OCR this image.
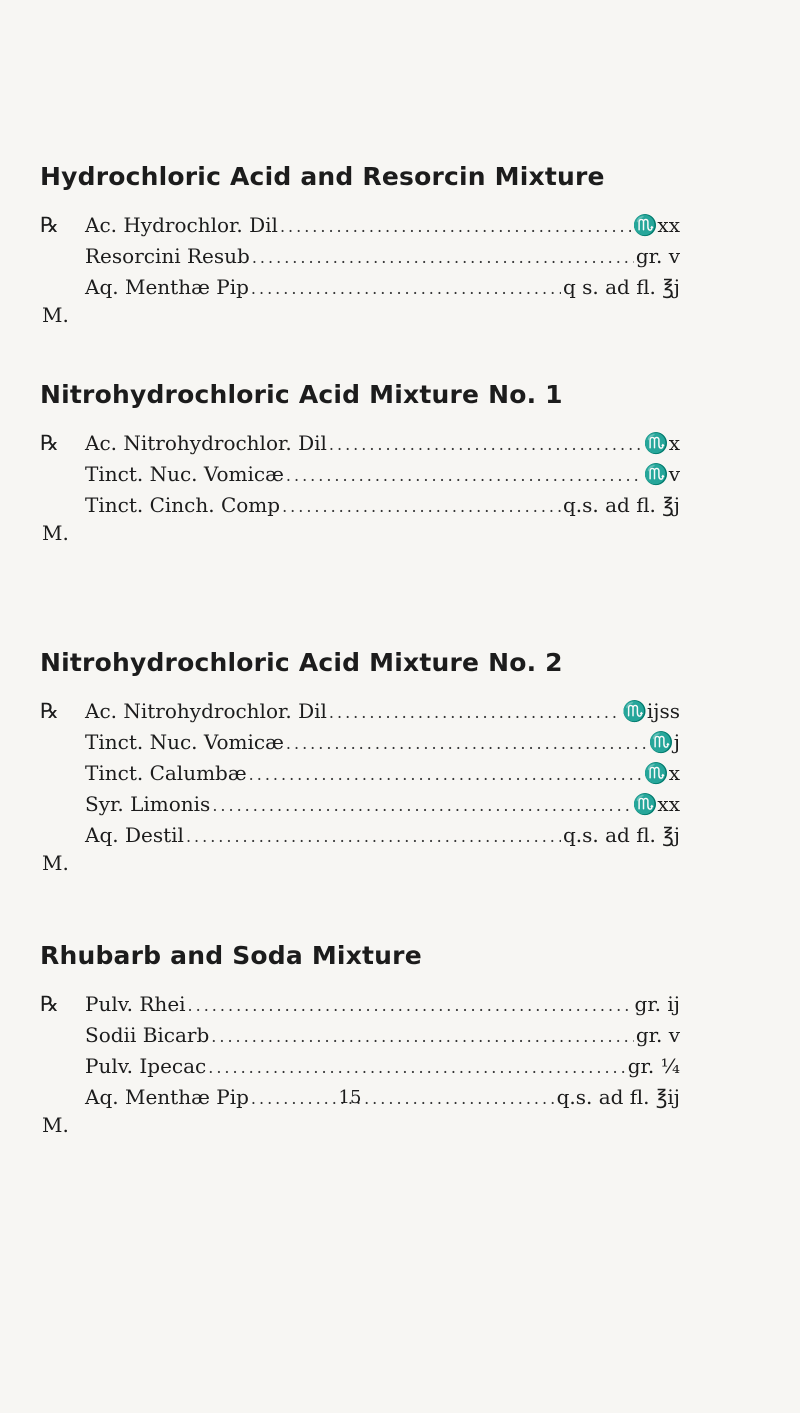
Hydrochloric Acid and Resorcin Mixture
℞ Ac. Hydrochlor. Dil .....	♏xx
Resorcini Resub .....	gr. v
Aq. Menthæ Pip .....	q s. ad fl. ℥j
M.
Nitrohydrochloric Acid Mixture No. 1
℞ Ac. Nitrohydrochlor. Dil .....	♏x
Tinct. Nuc. Vomicæ .....	♏v
Tinct. Cinch. Comp .....	q.s. ad fl. ℥j
M.
Nitrohydrochloric Acid Mixture No. 2
℞ Ac. Nitrohydrochlor. Dil .....	♏ijss
Tinct. Nuc. Vomicæ .....	♏j
Tinct. Calumbæ .....	♏x
Syr. Limonis .....	♏xx
Aq. Destil .....	q.s. ad fl. ℥j
M.
Rhubarb and Soda Mixture
℞ Pulv. Rhei .....	gr. ij
Sodii Bicarb .....	gr. v
Pulv. Ipecac .....	gr. ¼
Aq. Menthæ Pip .....	q.s. ad fl. ℥ij
M.
15
